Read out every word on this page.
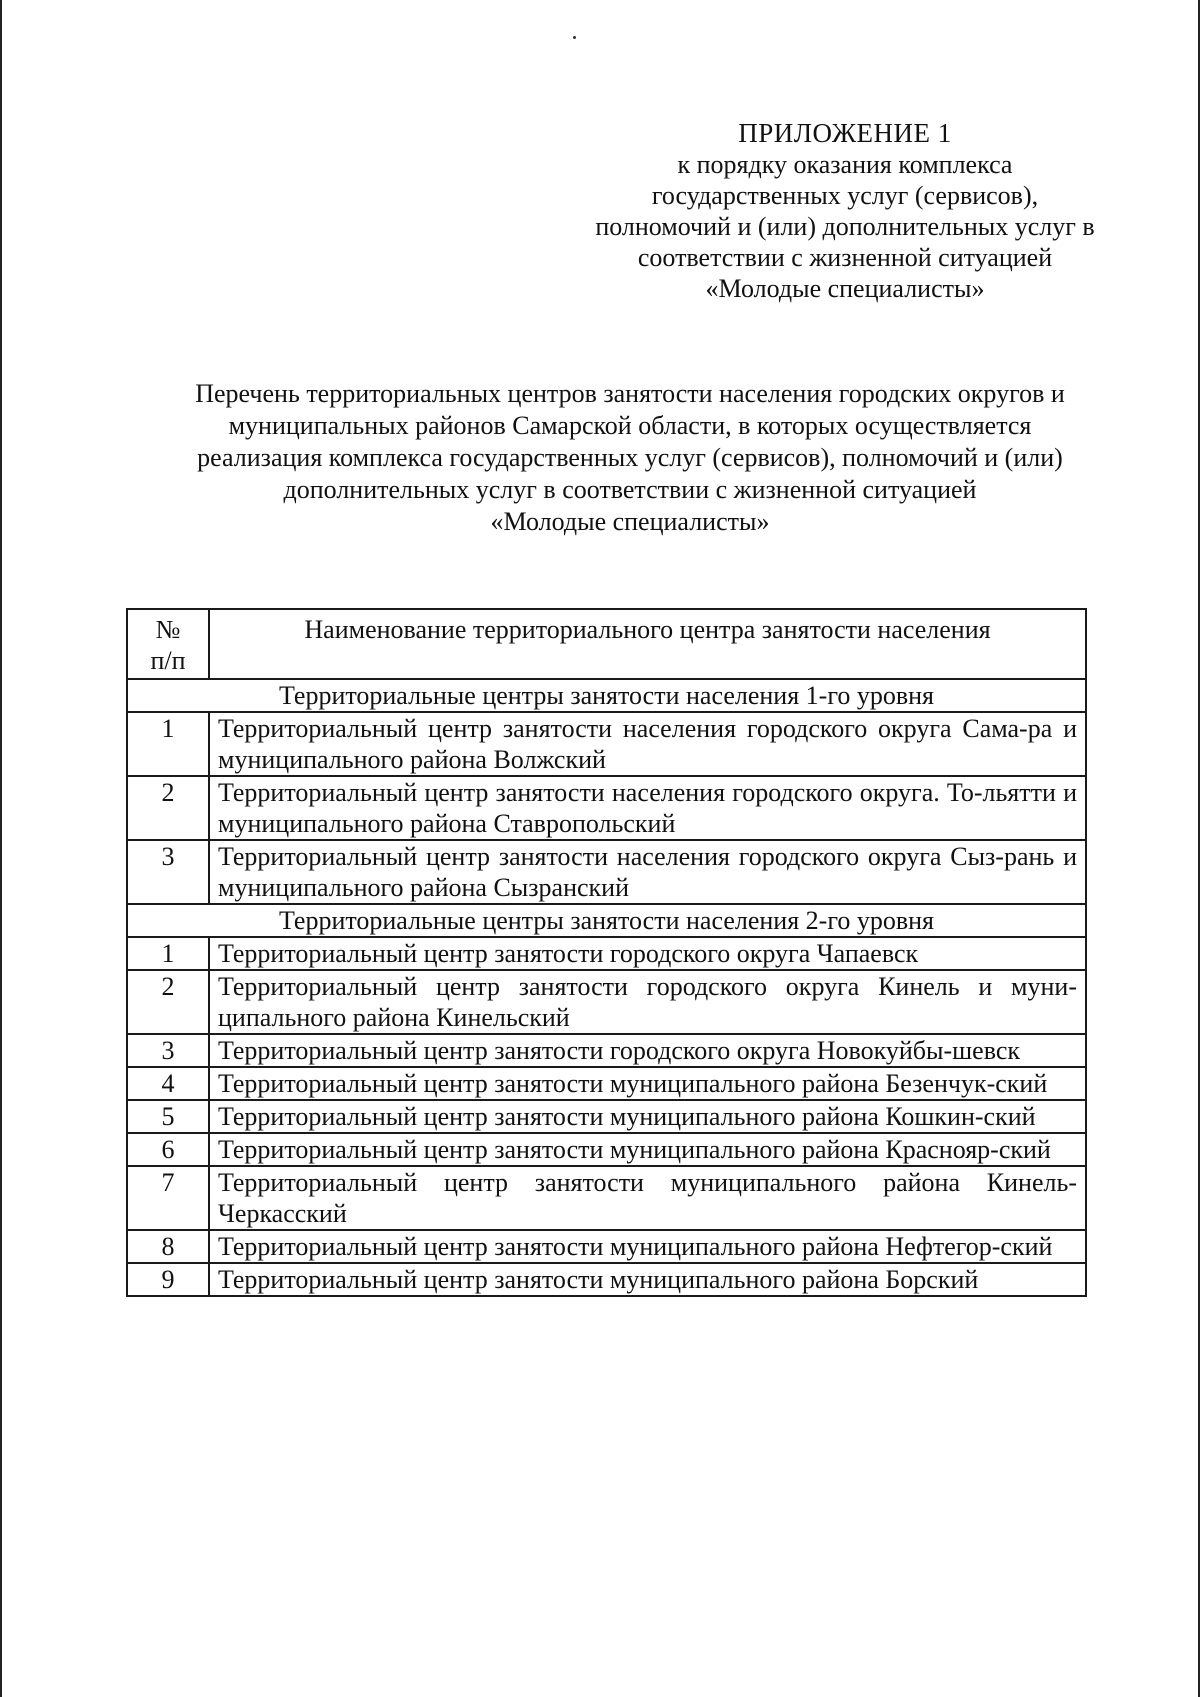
ПРИЛОЖЕНИЕ 1
к порядку оказания комплекса
государственных услуг (сервисов),
полномочий и (или) дополнительных услуг в
соответствии с жизненной ситуацией
«Молодые специалисты»
Перечень территориальных центров занятости населения городских округов и
муниципальных районов Самарской области, в которых осуществляется
реализация комплекса государственных услуг (сервисов), полномочий и (или)
дополнительных услуг в соответствии с жизненной ситуацией
«Молодые специалисты»
№
п/п	Наименование территориального центра занятости населения
Территориальные центры занятости населения 1-го уровня	
1	Территориальный центр занятости населения городского округа Сама-ра и муниципального района Волжский
2	Территориальный центр занятости населения городского округа. То-льятти и муниципального района Ставропольский
3	Территориальный центр занятости населения городского округа Сыз-рань и муниципального района Сызранский
Территориальные центры занятости населения 2-го уровня	
1	Территориальный центр занятости городского округа Чапаевск
2	Территориальный центр занятости городского округа Кинель и муни-ципального района Кинельский
3	Территориальный центр занятости городского округа Новокуйбы-шевск
4	Территориальный центр занятости муниципального района Безенчук-ский
5	Территориальный центр занятости муниципального района Кошкин-ский
6	Территориальный центр занятости муниципального района Краснояр-ский
7	Территориальный центр занятости муниципального района Кинель-Черкасский
8	Территориальный центр занятости муниципального района Нефтегор-ский
9	Территориальный центр занятости муниципального района Борский
